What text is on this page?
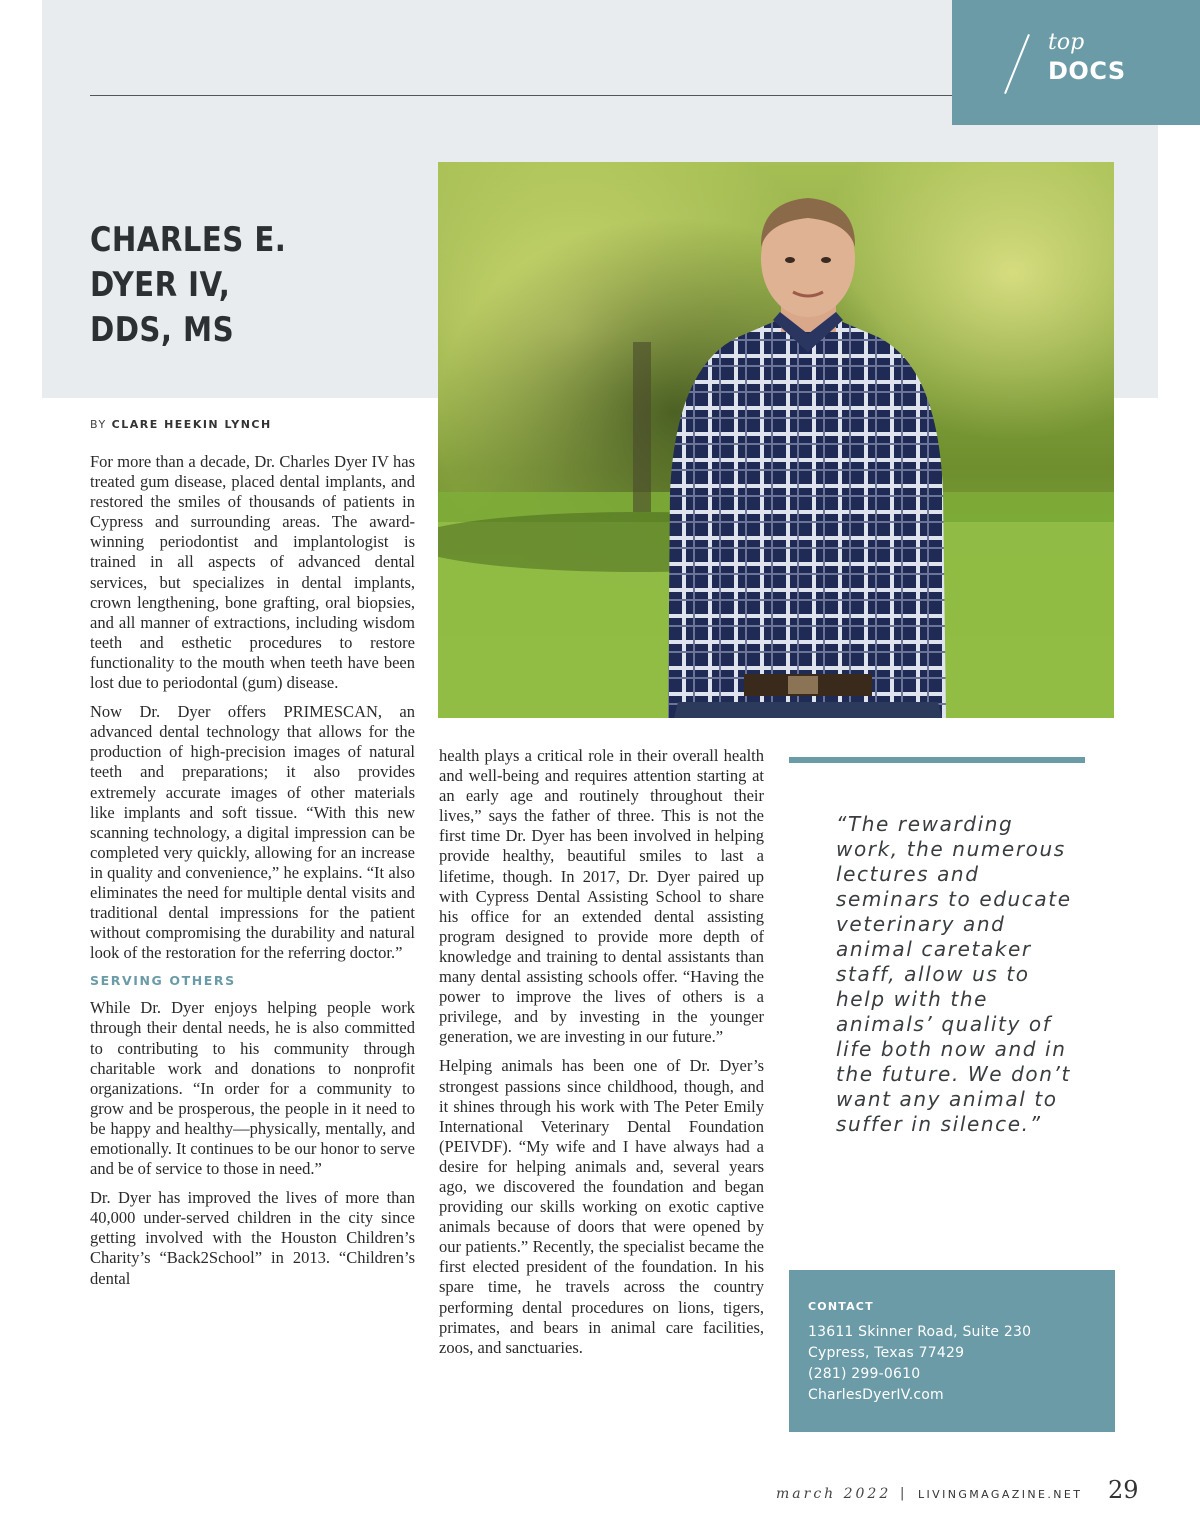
top
DOCS
CHARLES E. DYER IV,
DDS, MS
BY CLARE HEEKIN LYNCH

For more than a decade, Dr. Charles Dyer IV has treated gum disease, placed dental implants, and restored the smiles of thousands of patients in Cypress and surrounding areas. The award-winning periodontist and implantologist is trained in all aspects of advanced dental services, but specializes in dental implants, crown lengthening, bone grafting, oral biopsies, and all manner of extractions, including wisdom teeth and esthetic procedures to restore functionality to the mouth when teeth have been lost due to periodontal (gum) disease.

Now Dr. Dyer offers PRIMESCAN, an advanced dental technology that allows for the production of high-precision images of natural teeth and preparations; it also provides extremely accurate images of other materials like implants and soft tissue. “With this new scanning technology, a digital impression can be completed very quickly, allowing for an increase in quality and convenience,” he explains. “It also eliminates the need for multiple dental visits and traditional dental impressions for the patient without compromising the durability and natural look of the restoration for the referring doctor.”

SERVING OTHERS

While Dr. Dyer enjoys helping people work through their dental needs, he is also committed to contributing to his community through charitable work and donations to nonprofit organizations. “In order for a community to grow and be prosperous, the people in it need to be happy and healthy—physically, mentally, and emotionally. It continues to be our honor to serve and be of service to those in need.”

Dr. Dyer has improved the lives of more than 40,000 under-served children in the city since getting involved with the Houston Children’s Charity’s “Back2School” in 2013. “Children’s dental

health plays a critical role in their overall health and well-being and requires attention starting at an early age and routinely throughout their lives,” says the father of three. This is not the first time Dr. Dyer has been involved in helping provide healthy, beautiful smiles to last a lifetime, though. In 2017, Dr. Dyer paired up with Cypress Dental Assisting School to share his office for an extended dental assisting program designed to provide more depth of knowledge and training to dental assistants than many dental assisting schools offer. “Having the power to improve the lives of others is a privilege, and by investing in the younger generation, we are investing in our future.”

Helping animals has been one of Dr. Dyer’s strongest passions since childhood, though, and it shines through his work with The Peter Emily International Veterinary Dental Foundation (PEIVDF). “My wife and I have always had a desire for helping animals and, several years ago, we discovered the foundation and began providing our skills working on exotic captive animals because of doors that were opened by our patients.” Recently, the specialist became the first elected president of the foundation. In his spare time, he travels across the country performing dental procedures on lions, tigers, primates, and bears in animal care facilities, zoos, and sanctuaries.

“The rewarding work, the numerous lectures and seminars to educate veterinary and animal caretaker staff, allow us to help with the animals’ quality of life both now and in the future. We don’t want any animal to suffer in silence.”
CONTACT
13611 Skinner Road, Suite 230
Cypress, Texas 77429
(281) 299-0610
CharlesDyerIV.com
march 2022 | LIVINGMAGAZINE.NET 29
